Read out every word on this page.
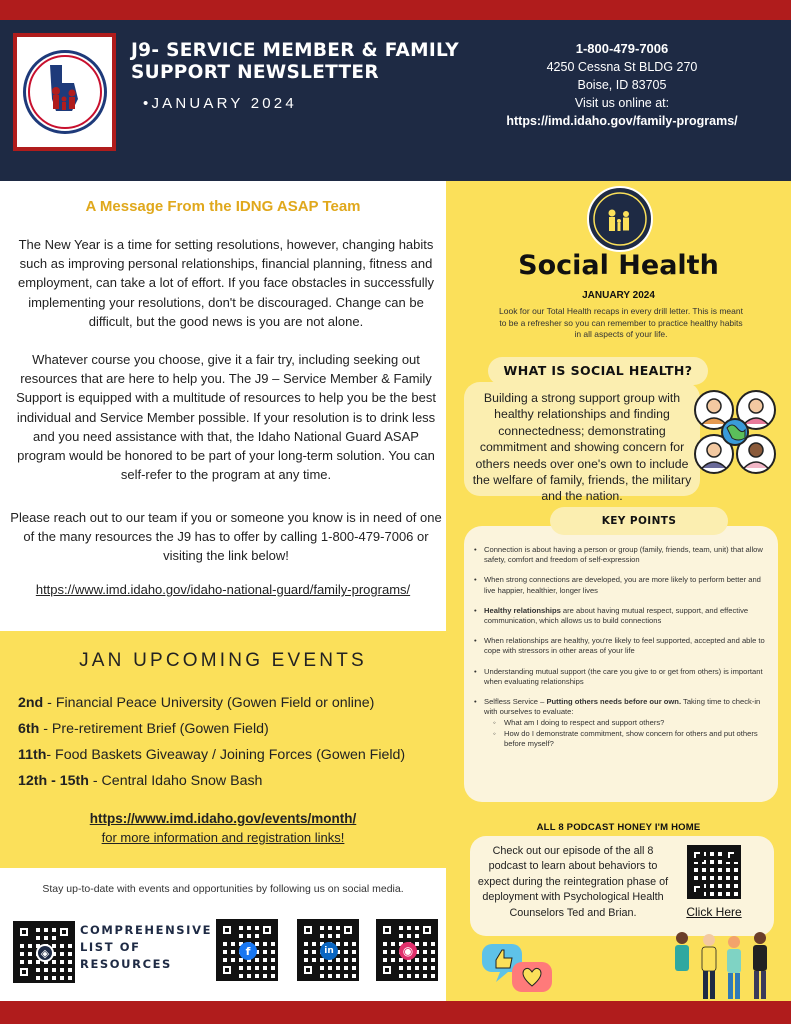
J9- SERVICE MEMBER & FAMILY SUPPORT NEWSLETTER
•JANUARY 2024
1-800-479-7006
4250 Cessna St BLDG 270
Boise, ID 83705
Visit us online at:
https://imd.idaho.gov/family-programs/
A Message From the IDNG ASAP Team

The New Year is a time for setting resolutions, however, changing habits such as improving personal relationships, financial planning, fitness and employment, can take a lot of effort. If you face obstacles in successfully implementing your resolutions, don't be discouraged. Change can be difficult, but the good news is you are not alone.

Whatever course you choose, give it a fair try, including seeking out resources that are here to help you. The J9 – Service Member & Family Support is equipped with a multitude of resources to help you be the best individual and Service Member possible. If your resolution is to drink less and you need assistance with that, the Idaho National Guard ASAP program would be honored to be part of your long-term solution. You can self-refer to the program at any time.

Please reach out to our team if you or someone you know is in need of one of the many resources the J9 has to offer by calling 1-800-479-7006 or visiting the link below!

https://www.imd.idaho.gov/idaho-national-guard/family-programs/
JAN UPCOMING EVENTS
2nd - Financial Peace University (Gowen Field or online)
6th - Pre-retirement Brief (Gowen Field)
11th- Food Baskets Giveaway / Joining Forces (Gowen Field)
12th - 15th - Central Idaho Snow Bash
https://www.imd.idaho.gov/events/month/
for more information and registration links!
Stay up-to-date with events and opportunities by following us on social media.
◈
COMPREHENSIVE LIST OF RESOURCES
f	in	◉
Social Health
JANUARY 2024
Look for our Total Health recaps in every drill letter. This is meant to be a refresher so you can remember to practice healthy habits in all aspects of your life.
WHAT IS SOCIAL HEALTH?
Building a strong support group with healthy relationships and finding connectedness; demonstrating commitment and showing concern for others needs over one's own to include the welfare of family, friends, the military and the nation.
KEY POINTS
• Connection is about having a person or group (family, friends, team, unit) that allow safety, comfort and freedom of self-expression
• When strong connections are developed, you are more likely to perform better and live happier, healthier, longer lives
• Healthy relationships are about having mutual respect, support, and effective communication, which allows us to build connections
• When relationships are healthy, you're likely to feel supported, accepted and able to cope with stressors in other areas of your life
• Understanding mutual support (the care you give to or get from others) is important when evaluating relationships
• Selfless Service – Putting others needs before our own. Taking time to check-in with ourselves to evaluate:
◦ What am I doing to respect and support others?
◦ How do I demonstrate commitment, show concern for others and put others before myself?
ALL 8 PODCAST HONEY I'M HOME
Check out our episode of the all 8 podcast to learn about behaviors to expect during the reintegration phase of deployment with Psychological Health Counselors Ted and Brian.	Click Here
